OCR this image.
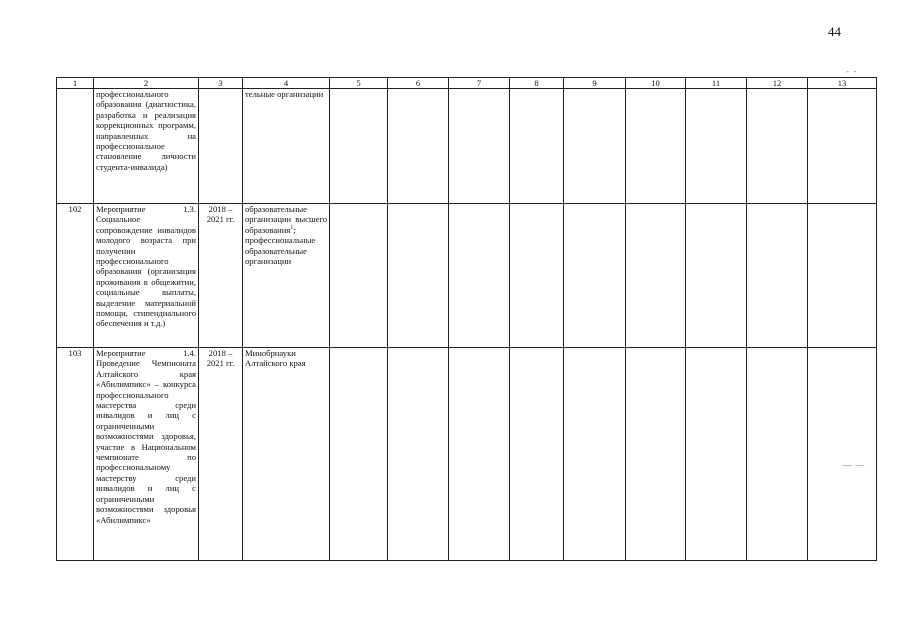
44
- -
— —
1	2	3	4	5	6	7	8	9	10	11	12	13
	профессионального образования (диагностика, разработка и реализация коррекционных программ, направленных на профессиональное становление личности студента-инвалида)		тельные организации									
102	Мероприятие 1.3. Социальное сопровождение инвалидов молодого возраста при получении профессионального образования (организация проживания в общежитии, социальные выплаты, выделение материальной помощи, стипендиального обеспечения и т.д.)	2018 – 2021 гг.	образовательные организации высшего образования$^1$; профессиональные образовательные организации									
103	Мероприятие 1.4. Проведение Чемпионата Алтайского края «Абилимпикс» – конкурса профессионального мастерства среди инвалидов и лиц с ограниченными возможностями здоровья, участие в Национальном чемпионате по профессиональному мастерству среди инвалидов и лиц с ограниченными возможностями здоровья «Абилимпикс»	2018 – 2021 гг.	Минобрнауки Алтайского края									
